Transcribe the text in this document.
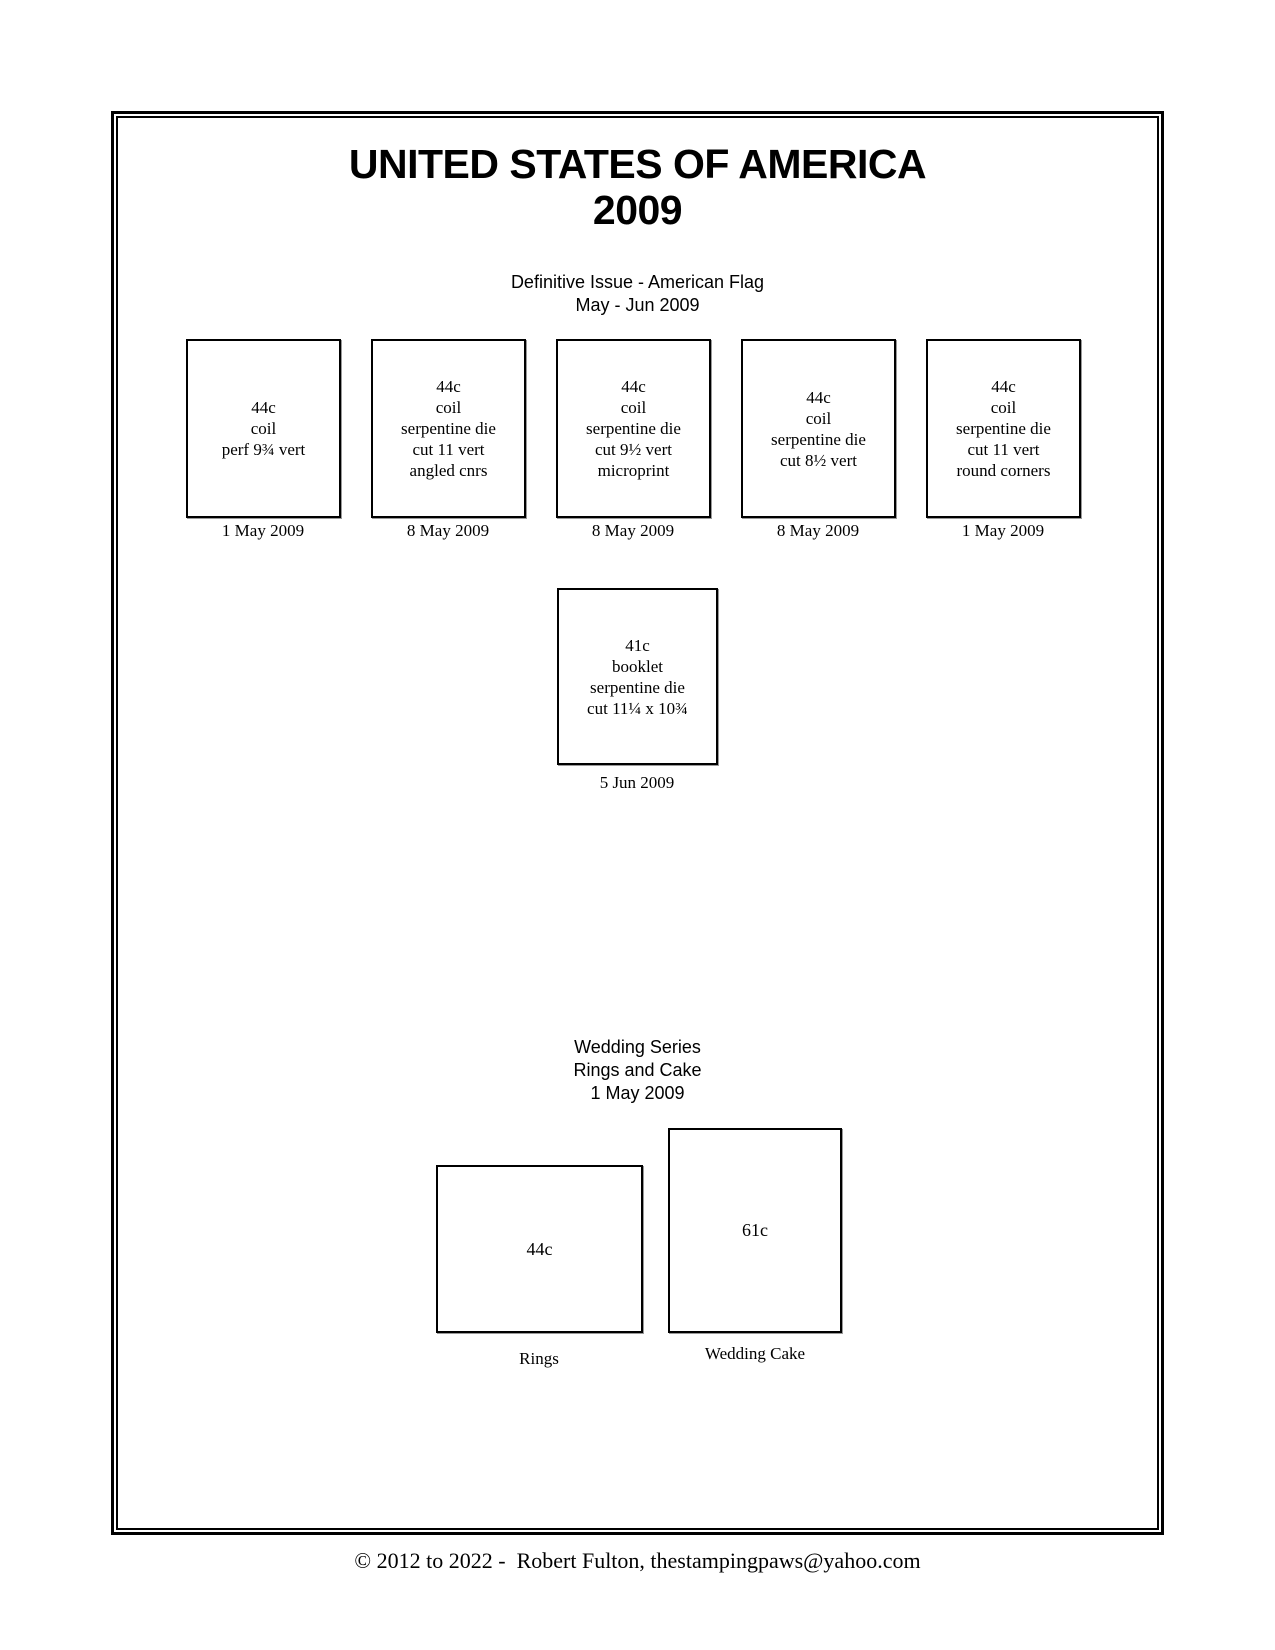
UNITED STATES OF AMERICA
2009
Definitive Issue - American Flag
May - Jun 2009
44c
coil
perf 9¾ vert
1 May 2009
44c
coil
serpentine die
cut 11 vert
angled cnrs
8 May 2009
44c
coil
serpentine die
cut 9½ vert
microprint
8 May 2009
44c
coil
serpentine die
cut 8½ vert
8 May 2009
44c
coil
serpentine die
cut 11 vert
round corners
1 May 2009
41c
booklet
serpentine die
cut 11¼ x 10¾
5 Jun 2009
Wedding Series
Rings and Cake
1 May 2009
44c
Rings
61c
Wedding Cake
© 2012 to 2022 -  Robert Fulton, thestampingpaws@yahoo.com
